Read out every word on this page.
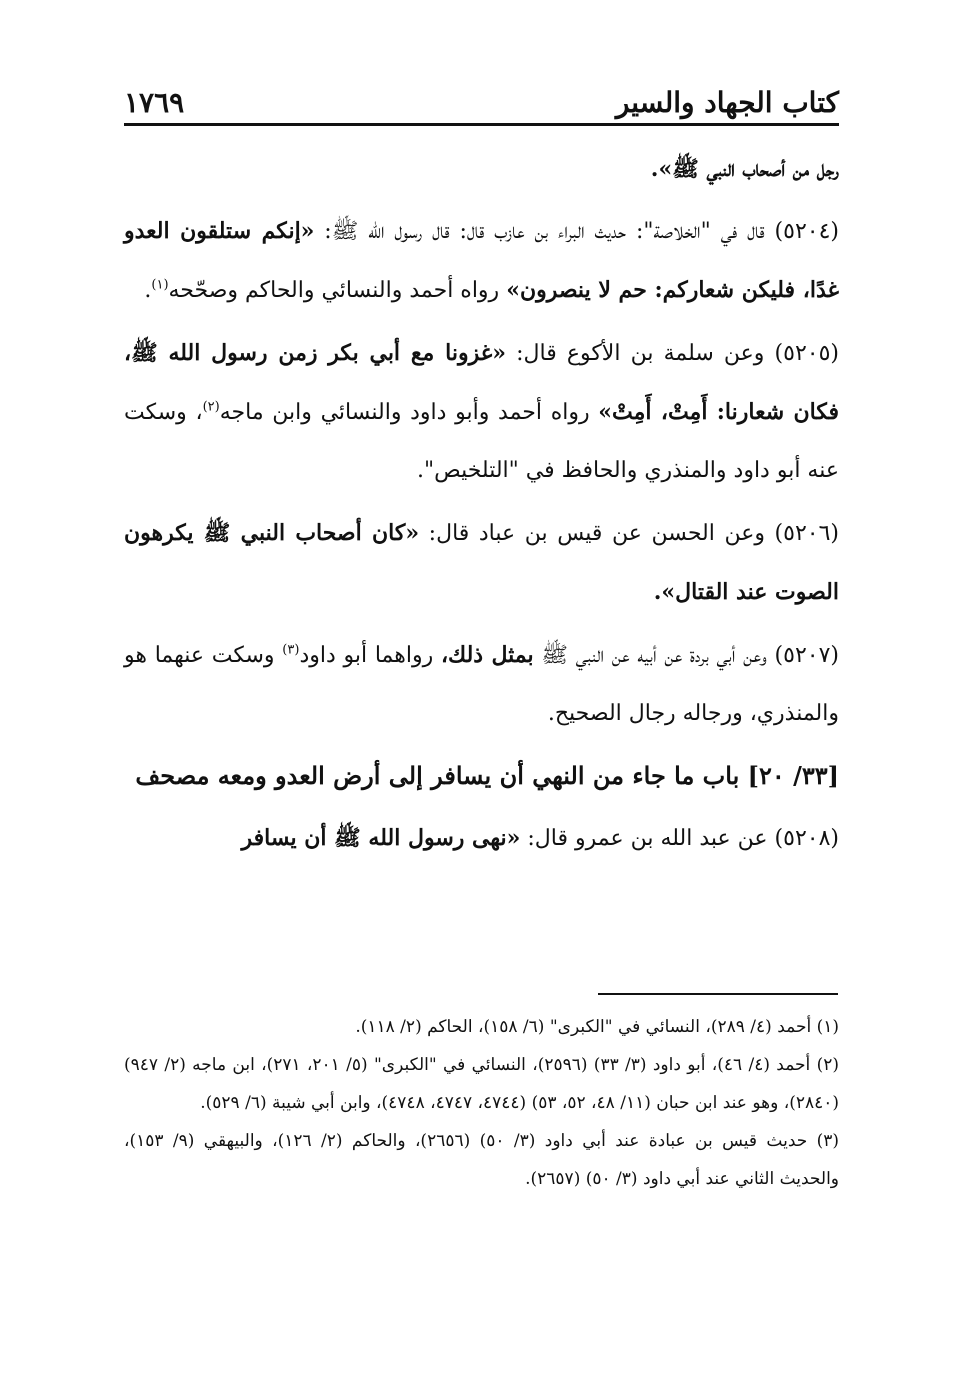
كتاب الجهاد والسير
١٧٦٩

رجل من أصحاب النبي ﷺ».

(٥٢٠٤) قال في "الخلاصة": حديث البراء بن عازب قال: قال رسول الله ﷺ: «إنكم ستلقون العدو غدًا، فليكن شعاركم: حم لا ينصرون» رواه أحمد والنسائي والحاكم وصحّحه$^{(١)}$.

(٥٢٠٥) وعن سلمة بن الأكوع قال: «غزونا مع أبي بكر زمن رسول الله ﷺ، فكان شعارنا: أَمِتْ، أَمِتْ» رواه أحمد وأبو داود والنسائي وابن ماجه$^{(٢)}$، وسكت عنه أبو داود والمنذري والحافظ في "التلخيص".

(٥٢٠٦) وعن الحسن عن قيس بن عباد قال: «كان أصحاب النبي ﷺ يكرهون الصوت عند القتال».

(٥٢٠٧) وعن أبي بردة عن أبيه عن النبي ﷺ بمثل ذلك، رواهما أبو داود$^{(٣)}$ وسكت عنهما هو والمنذري، ورجاله رجال الصحيح.

[٣٣/ ٢٠] باب ما جاء من النهي أن يسافر إلى أرض العدو ومعه مصحف

(٥٢٠٨) عن عبد الله بن عمرو قال: «نهى رسول الله ﷺ أن يسافر

(١) أحمد (٤/ ٢٨٩)، النسائي في "الكبرى" (٦/ ١٥٨)، الحاكم (٢/ ١١٨).

(٢) أحمد (٤/ ٤٦)، أبو داود (٣/ ٣٣) (٢٥٩٦)، النسائي في "الكبرى" (٥/ ٢٠١، ٢٧١)، ابن ماجه (٢/ ٩٤٧) (٢٨٤٠)، وهو عند ابن حبان (١١/ ٤٨، ٥٢، ٥٣) (٤٧٤٤، ٤٧٤٧، ٤٧٤٨)، وابن أبي شيبة (٦/ ٥٢٩).

(٣) حديث قيس بن عبادة عند أبي داود (٣/ ٥٠) (٢٦٥٦)، والحاكم (٢/ ١٢٦)، والبيهقي (٩/ ١٥٣)، والحديث الثاني عند أبي داود (٣/ ٥٠) (٢٦٥٧).
